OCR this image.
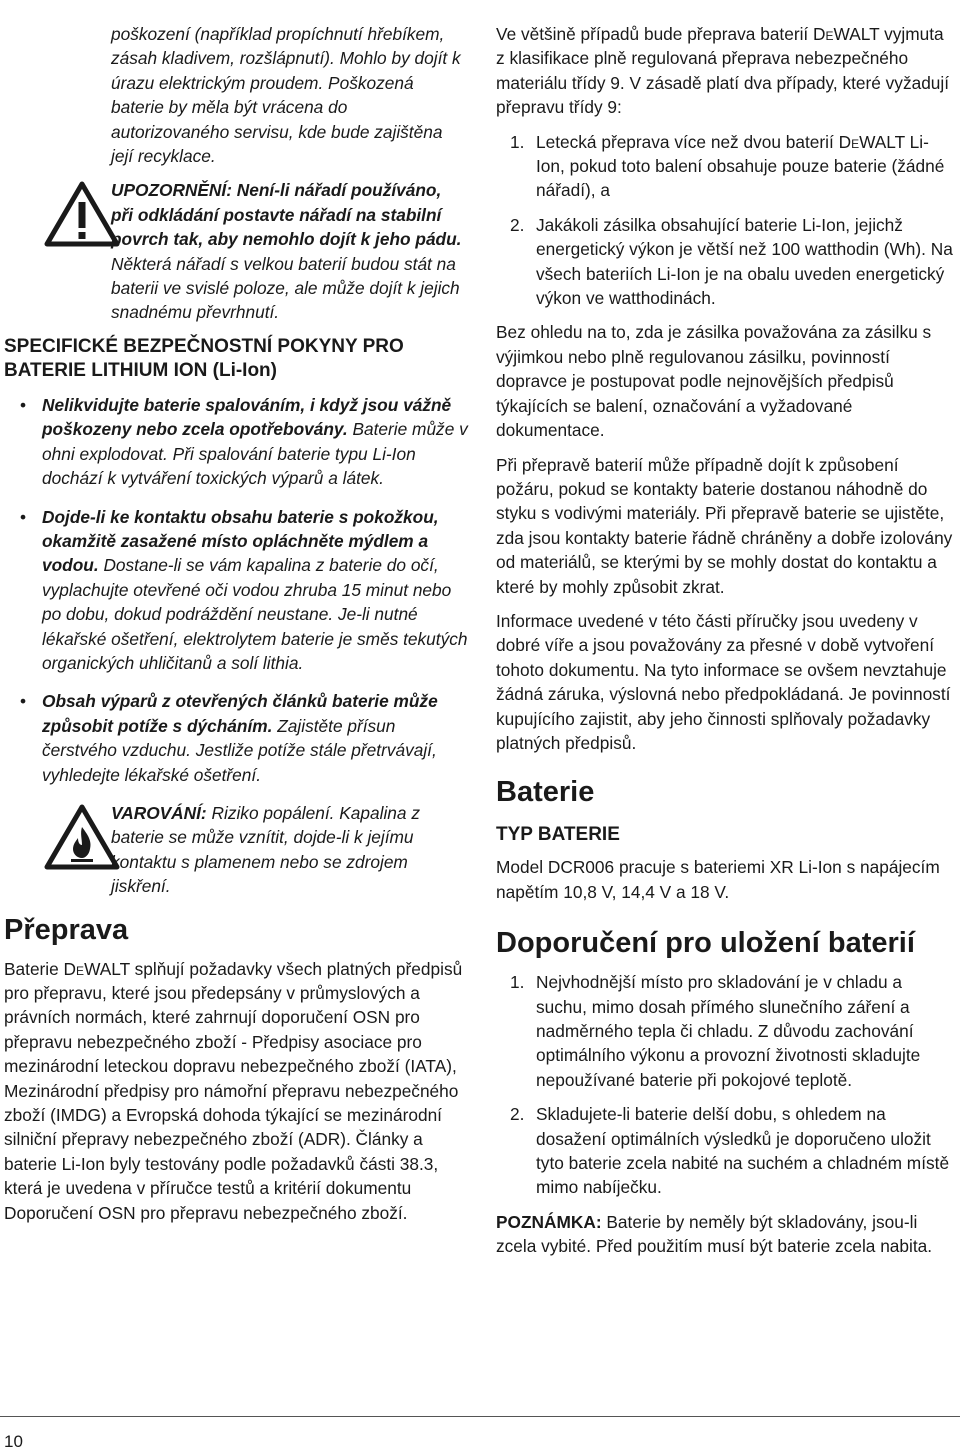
poškození (například propíchnutí hřebíkem, zásah kladivem, rozšlápnutí). Mohlo by dojít k úrazu elektrickým proudem. Poškozená baterie by měla být vrácena do autorizovaného servisu, kde bude zajištěna její recyklace.

UPOZORNĚNÍ: Není-li nářadí používáno, při odkládání postavte nářadí na stabilní povrch tak, aby nemohlo dojít k jeho pádu. Některá nářadí s velkou baterií budou stát na baterii ve svislé poloze, ale může dojít k jejich snadnému převrhnutí.

SPECIFICKÉ BEZPEČNOSTNÍ POKYNY PRO
BATERIE LITHIUM ION (Li-Ion)
• Nelikvidujte baterie spalováním, i když jsou vážně poškozeny nebo zcela opotřebovány. Baterie může v ohni explodovat. Při spalování baterie typu Li-Ion dochází k vytváření toxických výparů a látek.
• Dojde-li ke kontaktu obsahu baterie s pokožkou, okamžitě zasažené místo opláchněte mýdlem a vodou. Dostane-li se vám kapalina z baterie do očí, vyplachujte otevřené oči vodou zhruba 15 minut nebo po dobu, dokud podráždění neustane. Je-li nutné lékařské ošetření, elektrolytem baterie je směs tekutých organických uhličitanů a solí lithia.
• Obsah výparů z otevřených článků baterie může způsobit potíže s dýcháním. Zajistěte přísun čerstvého vzduchu. Jestliže potíže stále přetrvávají, vyhledejte lékařské ošetření.

VAROVÁNÍ: Riziko popálení. Kapalina z baterie se může vznítit, dojde-li k jejímu kontaktu s plamenem nebo se zdrojem jiskření.

Přeprava

Baterie DeWALT splňují požadavky všech platných předpisů pro přepravu, které jsou předepsány v průmyslových a právních normách, které zahrnují doporučení OSN pro přepravu nebezpečného zboží - Předpisy asociace pro mezinárodní leteckou dopravu nebezpečného zboží (IATA), Mezinárodní předpisy pro námořní přepravu nebezpečného zboží (IMDG) a Evropská dohoda týkající se mezinárodní silniční přepravy nebezpečného zboží (ADR). Články a baterie Li-Ion byly testovány podle požadavků části 38.3, která je uvedena v příručce testů a kritérií dokumentu Doporučení OSN pro přepravu nebezpečného zboží.

Ve většině případů bude přeprava baterií DeWALT vyjmuta z klasifikace plně regulovaná přeprava nebezpečného materiálu třídy 9. V zásadě platí dva případy, které vyžadují přepravu třídy 9:

1. Letecká přeprava více než dvou baterií DeWALT Li-Ion, pokud toto balení obsahuje pouze baterie (žádné nářadí), a
2. Jakákoli zásilka obsahující baterie Li-Ion, jejichž energetický výkon je větší než 100 watthodin (Wh). Na všech bateriích Li-Ion je na obalu uveden energetický výkon ve watthodinách.

Bez ohledu na to, zda je zásilka považována za zásilku s výjimkou nebo plně regulovanou zásilku, povinností dopravce je postupovat podle nejnovějších předpisů týkajících se balení, označování a vyžadované dokumentace.

Při přepravě baterií může případně dojít k způsobení požáru, pokud se kontakty baterie dostanou náhodně do styku s vodivými materiály. Při přepravě baterie se ujistěte, zda jsou kontakty baterie řádně chráněny a dobře izolovány od materiálů, se kterými by se mohly dostat do kontaktu a které by mohly způsobit zkrat.

Informace uvedené v této části příručky jsou uvedeny v dobré víře a jsou považovány za přesné v době vytvoření tohoto dokumentu. Na tyto informace se ovšem nevztahuje žádná záruka, výslovná nebo předpokládaná. Je povinností kupujícího zajistit, aby jeho činnosti splňovaly požadavky platných předpisů.

Baterie
TYP BATERIE

Model DCR006 pracuje s bateriemi XR Li-Ion s napájecím napětím 10,8 V, 14,4 V a 18 V.

Doporučení pro uložení baterií
1. Nejvhodnější místo pro skladování je v chladu a suchu, mimo dosah přímého slunečního záření a nadměrného tepla či chladu. Z důvodu zachování optimálního výkonu a provozní životnosti skladujte nepoužívané baterie při pokojové teplotě.
2. Skladujete-li baterie delší dobu, s ohledem na dosažení optimálních výsledků je doporučeno uložit tyto baterie zcela nabité na suchém a chladném místě mimo nabíječku.

POZNÁMKA: Baterie by neměly být skladovány, jsou-li zcela vybité. Před použitím musí být baterie zcela nabita.

10
